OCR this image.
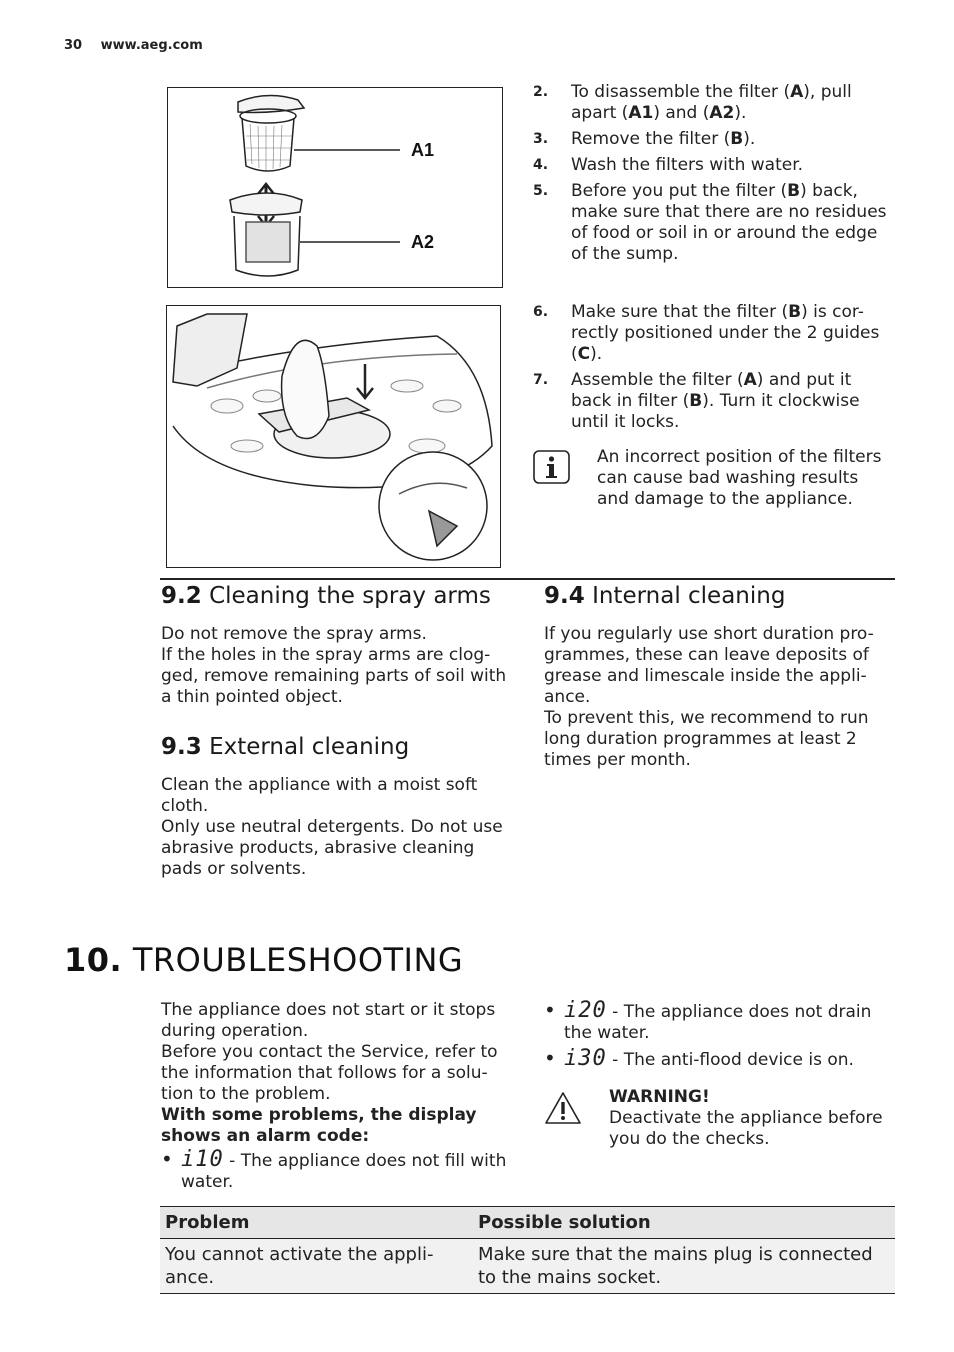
30 www.aeg.com
A1
A2
2. To disassemble the filter (A), pull apart (A1) and (A2).
3. Remove the filter (B).
4. Wash the filters with water.
5. Before you put the filter (B) back, make sure that there are no residues of food or soil in or around the edge of the sump.
6. Make sure that the filter (B) is cor-rectly positioned under the 2 guides (C).
7. Assemble the filter (A) and put it back in filter (B). Turn it clockwise until it locks.
An incorrect position of the filters can cause bad washing results and damage to the appliance.
9.2 Cleaning the spray arms

Do not remove the spray arms.

If the holes in the spray arms are clog-ged, remove remaining parts of soil with a thin pointed object.

9.3 External cleaning

Clean the appliance with a moist soft cloth.

Only use neutral detergents. Do not use abrasive products, abrasive cleaning pads or solvents.

9.4 Internal cleaning

If you regularly use short duration pro-grammes, these can leave deposits of grease and limescale inside the appli-ance.

To prevent this, we recommend to run long duration programmes at least 2 times per month.

10. TROUBLESHOOTING

The appliance does not start or it stops during operation.

Before you contact the Service, refer to the information that follows for a solu-tion to the problem.

With some problems, the display shows an alarm code:

• i10 - The appliance does not fill with water.
• i20 - The appliance does not drain the water.
• i30 - The anti-flood device is on.

WARNING!

Deactivate the appliance before you do the checks.

Problem	Possible solution
You cannot activate the appli-ance.	Make sure that the mains plug is connected to the mains socket.
